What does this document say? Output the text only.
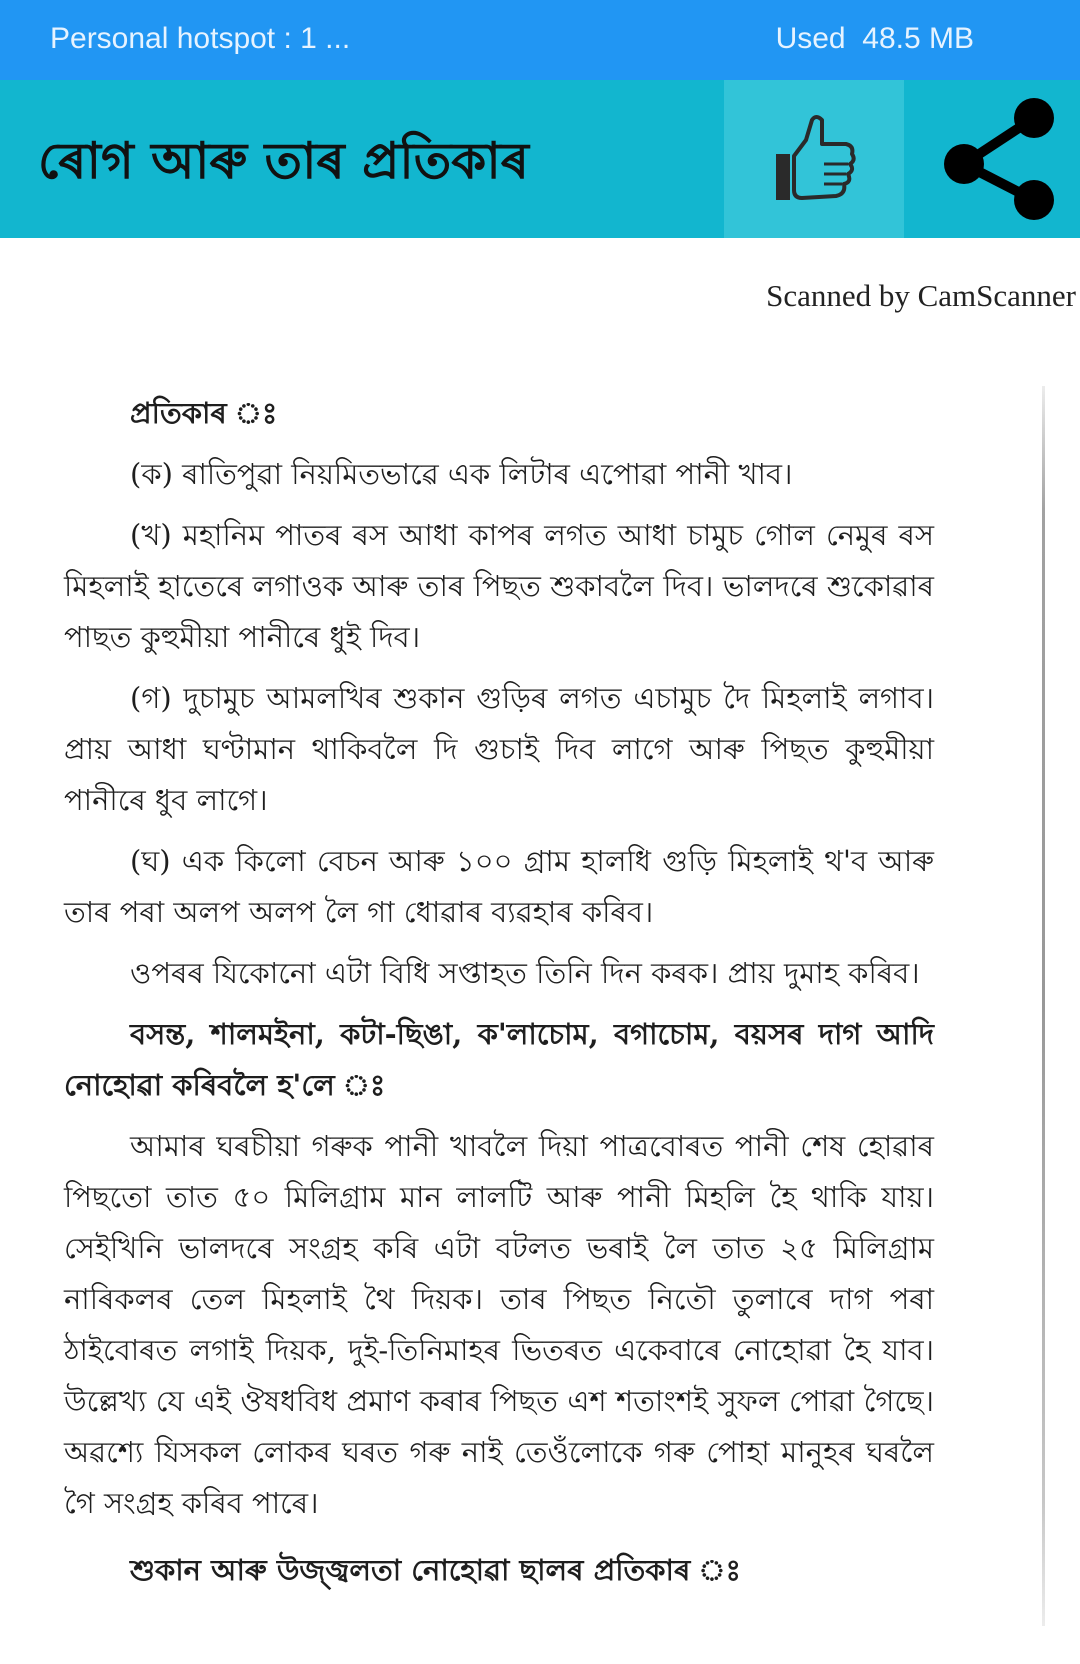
Personal hotspot : 1 ...	Used  48.5 MB
ৰোগ আৰু তাৰ প্ৰতিকাৰ
Scanned by CamScanner

প্ৰতিকাৰ ঃ

(ক) ৰাতিপুৱা নিয়মিতভাৱে এক লিটাৰ এপোৱা পানী খাব।

(খ) মহানিম পাতৰ ৰস আধা কাপৰ লগত আধা চামুচ গোল নেমুৰ ৰস মিহলাই হাতেৰে লগাওক আৰু তাৰ পিছত শুকাবলৈ দিব। ভালদৰে শুকোৱাৰ পাছত কুহুমীয়া পানীৰে ধুই দিব।

(গ) দুচামুচ আমলখিৰ শুকান গুড়িৰ লগত এচামুচ দৈ মিহলাই লগাব। প্ৰায় আধা ঘণ্টামান থাকিবলৈ দি গুচাই দিব লাগে আৰু পিছত কুহুমীয়া পানীৰে ধুব লাগে।

(ঘ) এক কিলো বেচন আৰু ১০০ গ্ৰাম হালধি গুড়ি মিহলাই থ'ব আৰু তাৰ পৰা অলপ অলপ লৈ গা ধোৱাৰ ব্যৱহাৰ কৰিব।

ওপৰৰ যিকোনো এটা বিধি সপ্তাহত তিনি দিন কৰক। প্ৰায় দুমাহ কৰিব।

বসন্ত, শালমইনা, কটা-ছিঙা, ক'লাচোম, বগাচোম, বয়সৰ দাগ আদি নোহোৱা কৰিবলৈ হ'লে ঃ

আমাৰ ঘৰচীয়া গৰুক পানী খাবলৈ দিয়া পাত্ৰবোৰত পানী শেষ হোৱাৰ পিছতো তাত ৫০ মিলিগ্ৰাম মান লালটি আৰু পানী মিহলি হৈ থাকি যায়। সেইখিনি ভালদৰে সংগ্ৰহ কৰি এটা বটলত ভৰাই লৈ তাত ২৫ মিলিগ্ৰাম নাৰিকলৰ তেল মিহলাই থৈ দিয়ক। তাৰ পিছত নিতৌ তুলাৰে দাগ পৰা ঠাইবোৰত লগাই দিয়ক, দুই-তিনিমাহৰ ভিতৰত একেবাৰে নোহোৱা হৈ যাব। উল্লেখ্য যে এই ঔষধবিধ প্ৰমাণ কৰাৰ পিছত এশ শতাংশই সুফল পোৱা গৈছে। অৱশ্যে যিসকল লোকৰ ঘৰত গৰু নাই তেওঁলোকে গৰু পোহা মানুহৰ ঘৰলৈ গৈ সংগ্ৰহ কৰিব পাৰে।

শুকান আৰু উজ্জ্বলতা নোহোৱা ছালৰ প্ৰতিকাৰ ঃ
